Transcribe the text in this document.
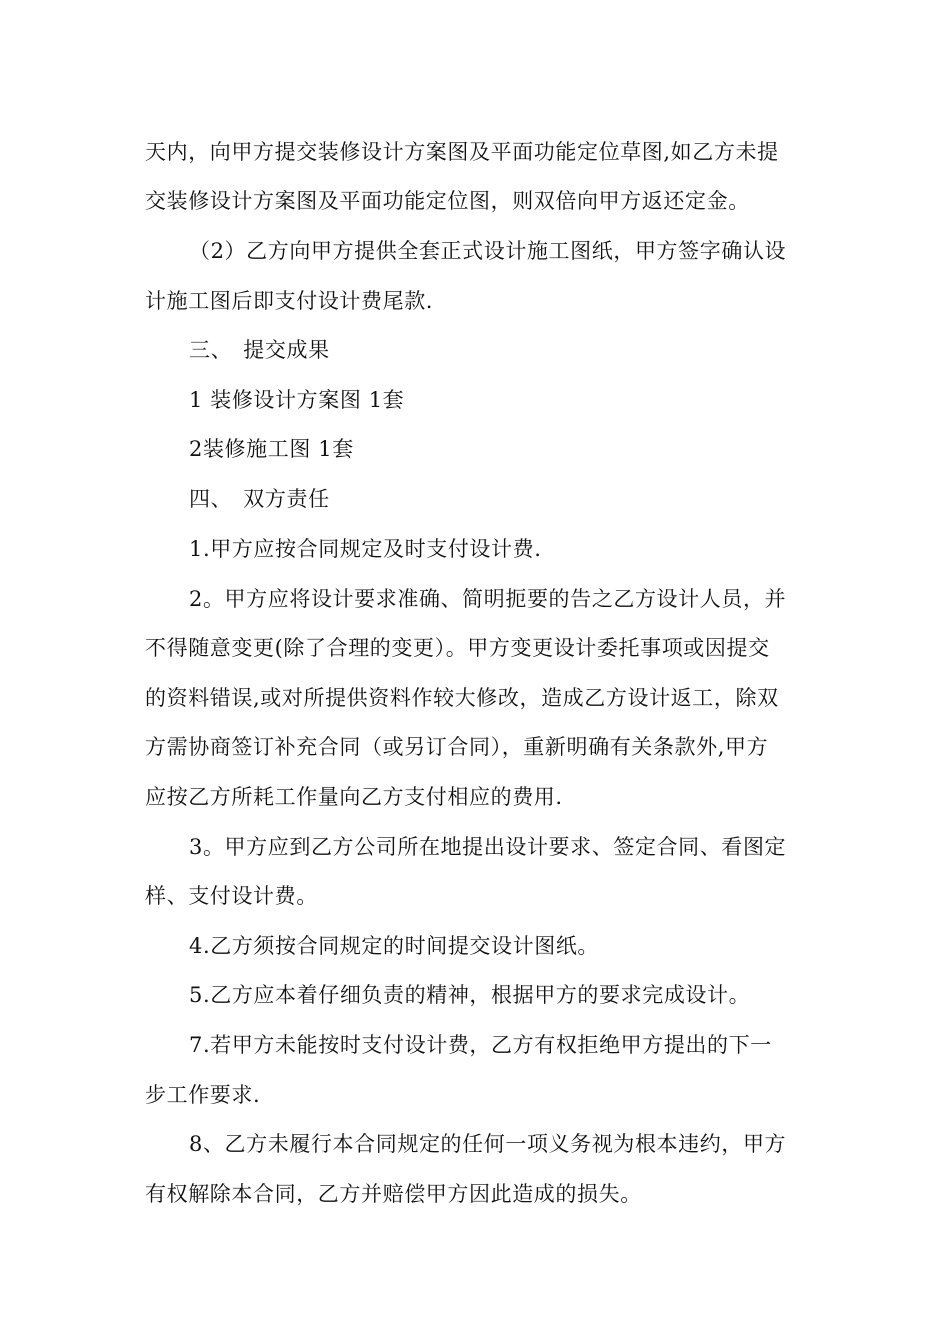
天内，向甲方提交装修设计方案图及平面功能定位草图,如乙方未提
交装修设计方案图及平面功能定位图，则双倍向甲方返还定金。
（2）乙方向甲方提供全套正式设计施工图纸，甲方签字确认设
计施工图后即支付设计费尾款.
三、　提交成果
1 装修设计方案图 1套
2装修施工图 1套
四、　双方责任
1.甲方应按合同规定及时支付设计费.
2。甲方应将设计要求准确、简明扼要的告之乙方设计人员，并
不得随意变更(除了合理的变更）。甲方变更设计委托事项或因提交
的资料错误,或对所提供资料作较大修改，造成乙方设计返工，除双
方需协商签订补充合同（或另订合同），重新明确有关条款外,甲方
应按乙方所耗工作量向乙方支付相应的费用.
3。甲方应到乙方公司所在地提出设计要求、签定合同、看图定
样、支付设计费。
4.乙方须按合同规定的时间提交设计图纸。
5.乙方应本着仔细负责的精神，根据甲方的要求完成设计。
7.若甲方未能按时支付设计费，乙方有权拒绝甲方提出的下一
步工作要求.
8、乙方未履行本合同规定的任何一项义务视为根本违约，甲方
有权解除本合同，乙方并赔偿甲方因此造成的损失。
